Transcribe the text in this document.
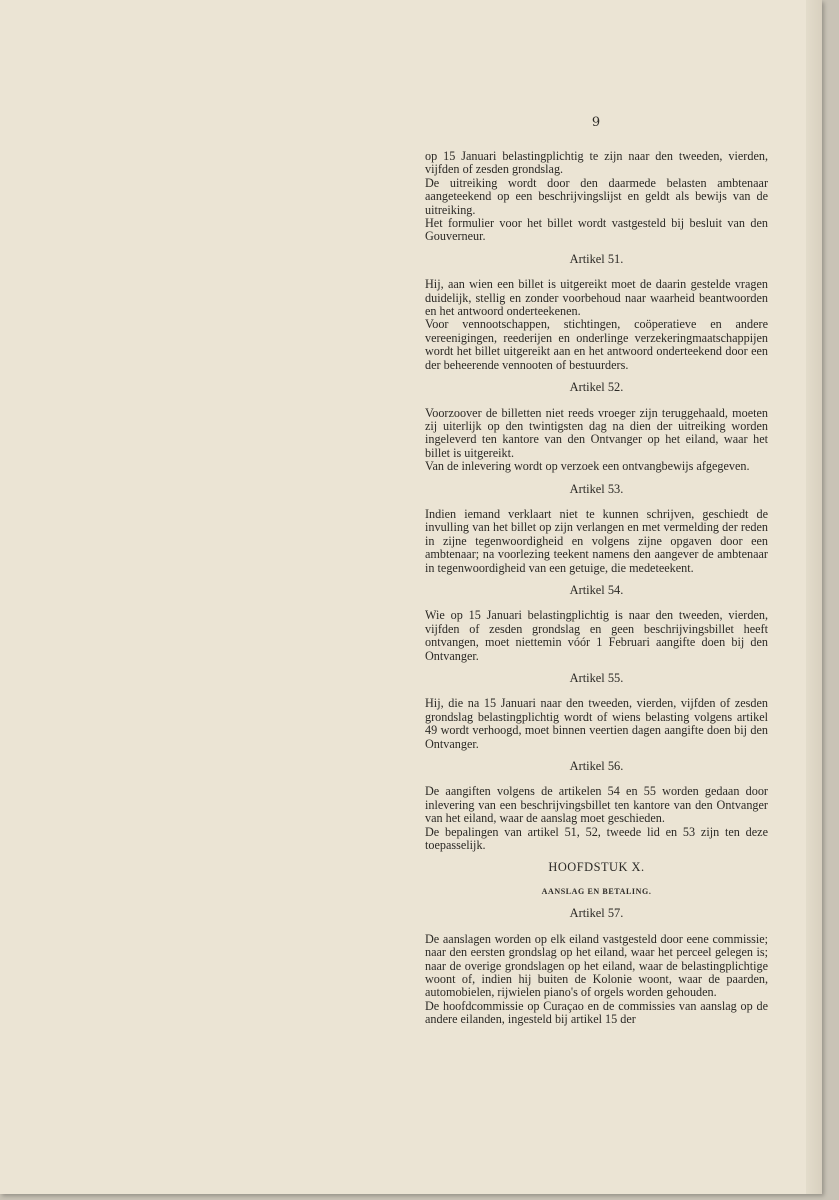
9

op 15 Januari belastingplichtig te zijn naar den tweeden, vierden, vijfden of zesden grondslag.

De uitreiking wordt door den daarmede belasten ambtenaar aangeteekend op een beschrijvingslijst en geldt als bewijs van de uitreiking.

Het formulier voor het billet wordt vastgesteld bij besluit van den Gouverneur.

Artikel 51.

Hij, aan wien een billet is uitgereikt moet de daarin gestelde vragen duidelijk, stellig en zonder voorbehoud naar waarheid beantwoorden en het antwoord onderteekenen.

Voor vennootschappen, stichtingen, coöperatieve en andere vereenigingen, reederijen en onderlinge verzekeringmaatschappijen wordt het billet uitgereikt aan en het antwoord onderteekend door een der beheerende vennooten of bestuurders.

Artikel 52.

Voorzoover de billetten niet reeds vroeger zijn teruggehaald, moeten zij uiterlijk op den twintigsten dag na dien der uitreiking worden ingeleverd ten kantore van den Ontvanger op het eiland, waar het billet is uitgereikt.

Van de inlevering wordt op verzoek een ontvangbewijs afgegeven.

Artikel 53.

Indien iemand verklaart niet te kunnen schrijven, geschiedt de invulling van het billet op zijn verlangen en met vermelding der reden in zijne tegenwoordigheid en volgens zijne opgaven door een ambtenaar; na voorlezing teekent namens den aangever de ambtenaar in tegenwoordigheid van een getuige, die medeteekent.

Artikel 54.

Wie op 15 Januari belastingplichtig is naar den tweeden, vierden, vijfden of zesden grondslag en geen beschrijvingsbillet heeft ontvangen, moet niettemin vóór 1 Februari aangifte doen bij den Ontvanger.

Artikel 55.

Hij, die na 15 Januari naar den tweeden, vierden, vijfden of zesden grondslag belastingplichtig wordt of wiens belasting volgens artikel 49 wordt verhoogd, moet binnen veertien dagen aangifte doen bij den Ontvanger.

Artikel 56.

De aangiften volgens de artikelen 54 en 55 worden gedaan door inlevering van een beschrijvingsbillet ten kantore van den Ontvanger van het eiland, waar de aanslag moet geschieden.

De bepalingen van artikel 51, 52, tweede lid en 53 zijn ten deze toepasselijk.

HOOFDSTUK X.
AANSLAG EN BETALING.
Artikel 57.

De aanslagen worden op elk eiland vastgesteld door eene commissie; naar den eersten grondslag op het eiland, waar het perceel gelegen is; naar de overige grondslagen op het eiland, waar de belastingplichtige woont of, indien hij buiten de Kolonie woont, waar de paarden, automobielen, rijwielen piano's of orgels worden gehouden.

De hoofdcommissie op Curaçao en de commissies van aanslag op de andere eilanden, ingesteld bij artikel 15 der
